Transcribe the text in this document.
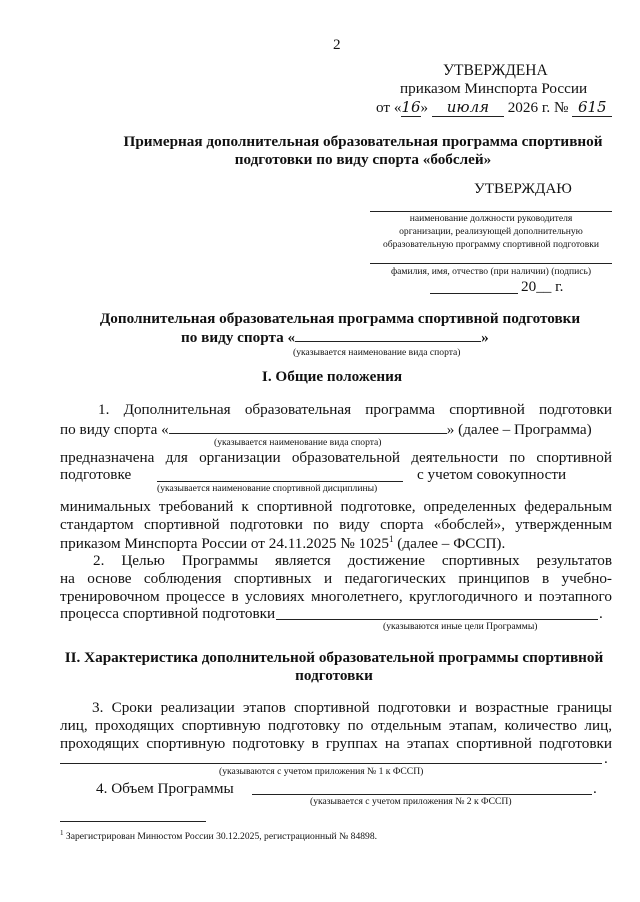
2
УТВЕРЖДЕНА
приказом Минспорта России
от «16» июля 2026 г. № 615
Примерная дополнительная образовательная программа спортивной
подготовки по виду спорта «бобслей»
УТВЕРЖДАЮ
наименование должности руководителя
организации, реализующей дополнительную
образовательную программу спортивной подготовки
фамилия, имя, отчество (при наличии) (подпись)
20__ г.
Дополнительная образовательная программа спортивной подготовки
по виду спорта «	»
(указывается наименование вида спорта)
I. Общие положения
1. Дополнительная образовательная программа спортивной подготовки
по виду спорта «	» (далее – Программа)
(указывается наименование вида спорта)
предназначена для организации образовательной деятельности по спортивной
подготовке	с учетом совокупности
(указывается наименование спортивной дисциплины)
минимальных требований к спортивной подготовке, определенных федеральным
стандартом спортивной подготовки по виду спорта «бобслей», утвержденным
приказом Минспорта России от 24.11.2025 № 1025$^1$ (далее – ФССП).
2. Целью Программы является достижение спортивных результатов
на основе соблюдения спортивных и педагогических принципов в учебно-
тренировочном процессе в условиях многолетнего, круглогодичного и поэтапного
процесса спортивной подготовки	.
(указываются иные цели Программы)
II. Характеристика дополнительной образовательной программы спортивной
подготовки
3. Сроки реализации этапов спортивной подготовки и возрастные границы
лиц, проходящих спортивную подготовку по отдельным этапам, количество лиц,
проходящих спортивную подготовку в группах на этапах спортивной подготовки
.
(указываются с учетом приложения № 1 к ФССП)
4. Объем Программы	.
(указывается с учетом приложения № 2 к ФССП)
$^1$ Зарегистрирован Минюстом России 30.12.2025, регистрационный № 84898.
